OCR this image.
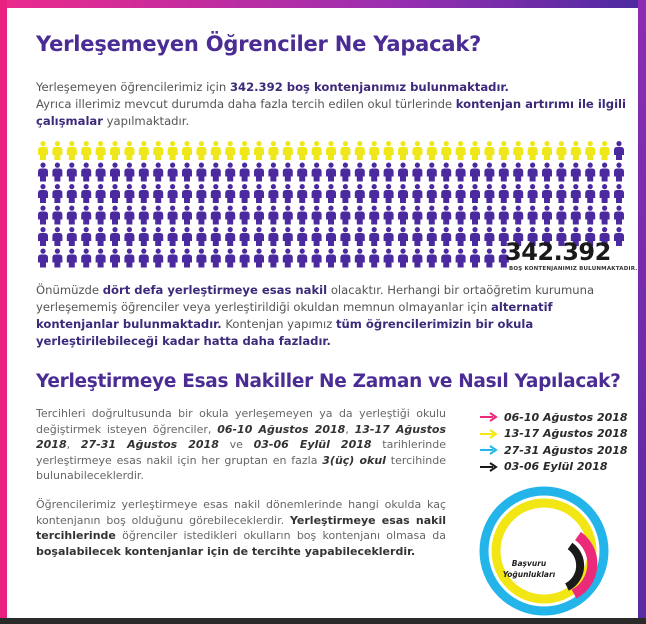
Yerleşemeyen Öğrenciler Ne Yapacak?
Yerleşemeyen öğrencilerimiz için 342.392 boş kontenjanımız bulunmaktadır.
Ayrıca illerimiz mevcut durumda daha fazla tercih edilen okul türlerinde kontenjan artırımı ile ilgili çalışmalar yapılmaktadır.
342.392
BOŞ KONTENJANIMIZ BULUNMAKTADIR.
Önümüzde dört defa yerleştirmeye esas nakil olacaktır. Herhangi bir ortaöğretim kurumuna yerleşememiş öğrenciler veya yerleştirildiği okuldan memnun olmayanlar için alternatif kontenjanlar bulunmaktadır. Kontenjan yapımız tüm öğrencilerimizin bir okula yerleştirilebileceği kadar hatta daha fazladır.
Yerleştirmeye Esas Nakiller Ne Zaman ve Nasıl Yapılacak?
Tercihleri doğrultusunda bir okula yerleşemeyen ya da yerleştiği okulu değiştirmek isteyen öğrenciler, 06-10 Ağustos 2018, 13-17 Ağustos 2018, 27-31 Ağustos 2018 ve 03-06 Eylül 2018 tarihlerinde yerleştirmeye esas nakil için her gruptan en fazla 3(üç) okul tercihinde bulunabileceklerdir.
Öğrencilerimiz yerleştirmeye esas nakil dönemlerinde hangi okulda kaç kontenjanın boş olduğunu görebileceklerdir. Yerleştirmeye esas nakil tercihlerinde öğrenciler istedikleri okulların boş kontenjanı olmasa da boşalabilecek kontenjanlar için de tercihte yapabileceklerdir.
06-10 Ağustos 2018
13-17 Ağustos 2018
27-31 Ağustos 2018
03-06 Eylül 2018
Başvuru
Yoğunlukları
